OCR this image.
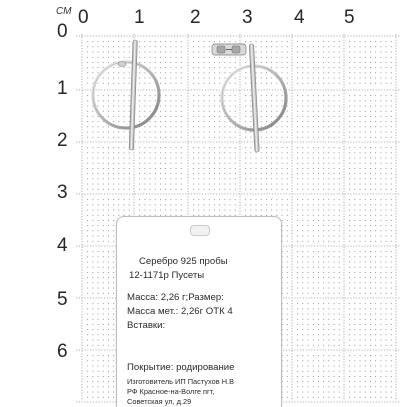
СМ 0 1 2 3 4 5
0
1
2
3
4
5
6
Серебро 925 пробы
12-1171р Пусеты
Масса: 2,26 г;Размер:
Масса мет.: 2,26г ОТК 4
Вставки:
Покрытие: родирование
Изготовитель ИП Пастухов Н.В
РФ Красное-на-Волге пгт,
Советская ул, д.29
